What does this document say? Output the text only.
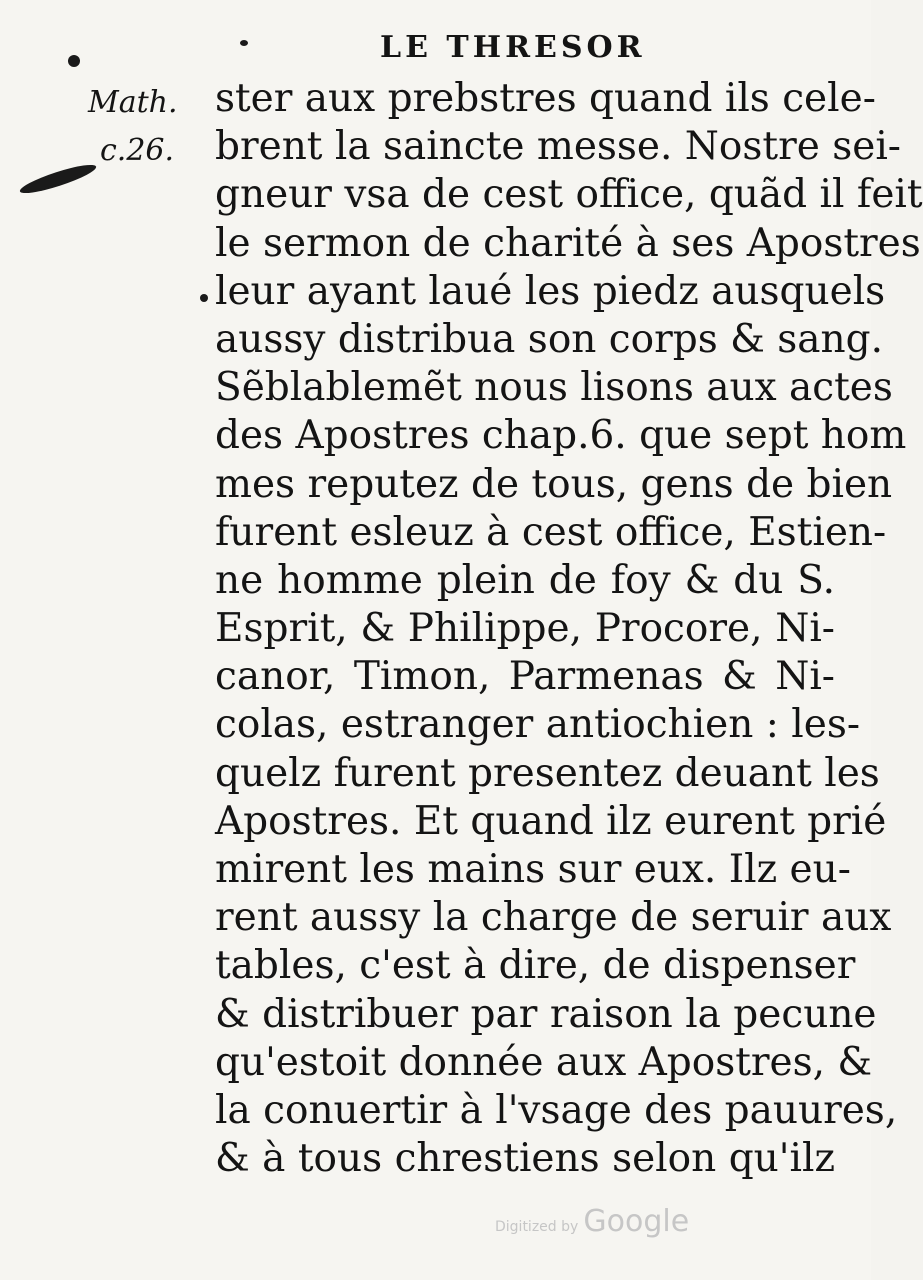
LE THRESOR
Math.
c.26.
ster aux prebstres quand ils cele-
brent la saincte messe. Nostre sei-
gneur vsa de cest office, quãd il feit
le sermon de charité à ses Apostres
leur ayant laué les piedz ausquels
aussy distribua son corps & sang.
Sẽblablemẽt nous lisons aux actes
des Apostres chap.6. que sept hom
mes reputez de tous, gens de bien
furent esleuz à cest office, Estien-
ne homme plein de foy & du S.
Esprit, & Philippe, Procore, Ni-
canor, Timon, Parmenas & Ni-
colas, estranger antiochien : les-
quelz furent presentez deuant les
Apostres. Et quand ilz eurent prié
mirent les mains sur eux. Ilz eu-
rent aussy la charge de seruir aux
tables, c'est à dire, de dispenser
& distribuer par raison la pecune
qu'estoit donnée aux Apostres, &
la conuertir à l'vsage des pauures,
& à tous chrestiens selon qu'ilz
Digitized by Google
